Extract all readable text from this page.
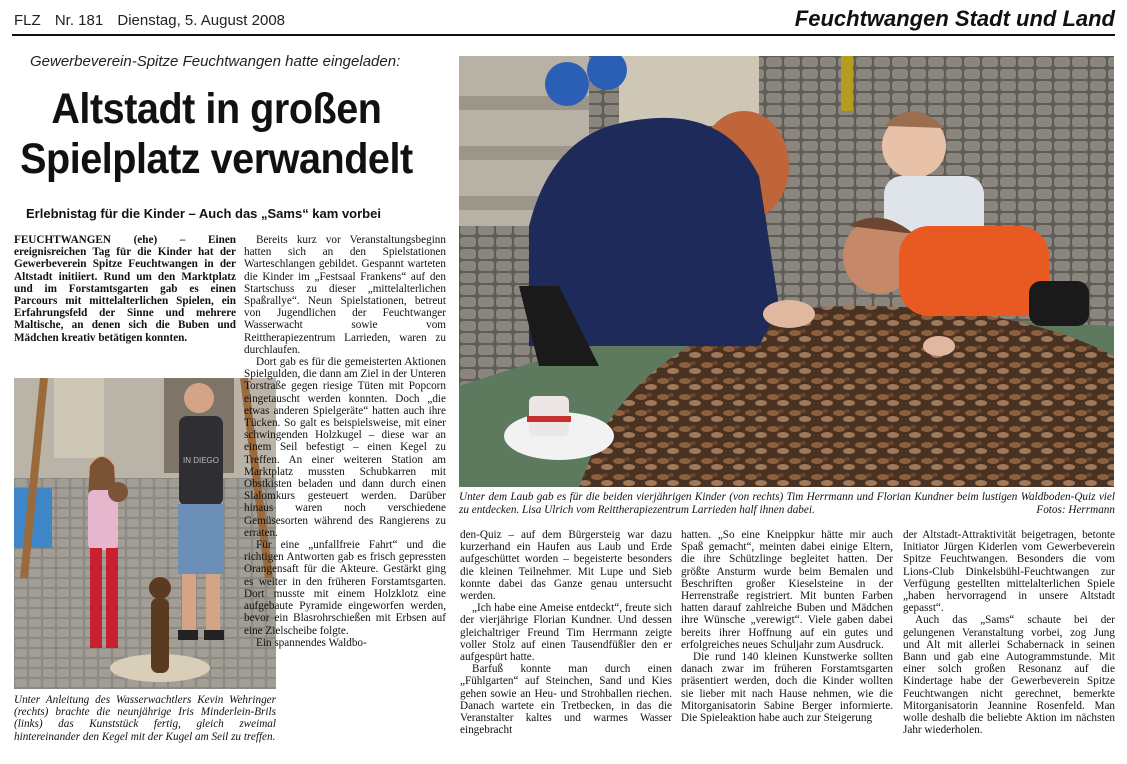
FLZ Nr. 181 Dienstag, 5. August 2008	Feuchtwangen Stadt und Land
Gewerbeverein-Spitze Feuchtwangen hatte eingeladen:
Altstadt in großen
Spielplatz verwandelt
Erlebnistag für die Kinder – Auch das „Sams“ kam vorbei
FEUCHTWANGEN (ehe) – Einen ereignisreichen Tag für die Kinder hat der Gewerbeverein Spitze Feuchtwangen in der Altstadt initiiert. Rund um den Marktplatz und im Forstamtsgarten gab es einen Parcours mit mittelalterlichen Spielen, ein Erfahrungsfeld der Sinne und mehrere Maltische, an denen sich die Buben und Mädchen kreativ betätigen konnten.
IN DIEGO
Unter Anleitung des Wasserwachtlers Kevin Wehringer (rechts) brachte die neunjährige Iris Minderlein-Brils (links) das Kunststück fertig, gleich zweimal hintereinander den Kegel mit der Kugel am Seil zu treffen.

Bereits kurz vor Veranstaltungsbeginn hatten sich an den Spielstationen Warteschlangen gebildet. Gespannt warteten die Kinder im „Festsaal Frankens“ auf den Startschuss zu dieser „mittelalterlichen Spaßrallye“. Neun Spielstationen, betreut von Jugendlichen der Feuchtwanger Wasserwacht sowie vom Reittherapiezentrum Larrieden, waren zu durchlaufen.

Dort gab es für die gemeisterten Aktionen Spielgulden, die dann am Ziel in der Unteren Torstraße gegen riesige Tüten mit Popcorn eingetauscht werden konnten. Doch „die etwas anderen Spielgeräte“ hatten auch ihre Tücken. So galt es beispielsweise, mit einer schwingenden Holzkugel – diese war an einem Seil befestigt – einen Kegel zu Treffen. An einer weiteren Station am Marktplatz mussten Schubkarren mit Obstkisten beladen und dann durch einen Slalomkurs gesteuert werden. Darüber hinaus waren noch verschiedene Gemüsesorten während des Rangierens zu erraten.

Für eine „unfallfreie Fahrt“ und die richtigen Antworten gab es frisch gepressten Orangensaft für die Akteure. Gestärkt ging es weiter in den früheren Forstamtsgarten. Dort musste mit einem Holzklotz eine aufgebaute Pyramide eingeworfen werden, bevor ein Blasrohrschießen mit Erbsen auf eine Zielscheibe folgte.

Ein spannendes Waldbo-

Unter dem Laub gab es für die beiden vierjährigen Kinder (von rechts) Tim Herrmann und Florian Kundner beim lustigen Waldboden-Quiz viel zu entdecken. Lisa Ulrich vom Reittherapiezentrum Larrieden half ihnen dabei.	Fotos: Herrmann

den-Quiz – auf dem Bürgersteig war dazu kurzerhand ein Haufen aus Laub und Erde aufgeschüttet worden – begeisterte besonders die kleinen Teilnehmer. Mit Lupe und Sieb konnte dabei das Ganze genau untersucht werden.

„Ich habe eine Ameise entdeckt“, freute sich der vierjährige Florian Kundner. Und dessen gleichaltriger Freund Tim Herrmann zeigte voller Stolz auf einen Tausendfüßler den er aufgespürt hatte.

Barfuß konnte man durch einen „Fühlgarten“ auf Steinchen, Sand und Kies gehen sowie an Heu- und Strohballen riechen. Danach wartete ein Tretbecken, in das die Veranstalter kaltes und warmes Wasser eingebracht

hatten. „So eine Kneippkur hätte mir auch Spaß gemacht“, meinten dabei einige Eltern, die ihre Schützlinge begleitet hatten. Der größte Ansturm wurde beim Bemalen und Beschriften großer Kieselsteine in der Herrenstraße registriert. Mit bunten Farben hatten darauf zahlreiche Buben und Mädchen ihre Wünsche „verewigt“. Viele gaben dabei bereits ihrer Hoffnung auf ein gutes und erfolgreiches neues Schuljahr zum Ausdruck.

Die rund 140 kleinen Kunstwerke sollten danach zwar im früheren Forstamtsgarten präsentiert werden, doch die Kinder wollten sie lieber mit nach Hause nehmen, wie die Mitorganisatorin Sabine Berger informierte. Die Spieleaktion habe auch zur Steigerung

der Altstadt-Attraktivität beigetragen, betonte Initiator Jürgen Kiderlen vom Gewerbeverein Spitze Feuchtwangen. Besonders die vom Lions-Club Dinkelsbühl-Feuchtwangen zur Verfügung gestellten mittelalterlichen Spiele „haben hervorragend in unsere Altstadt gepasst“.

Auch das „Sams“ schaute bei der gelungenen Veranstaltung vorbei, zog Jung und Alt mit allerlei Schabernack in seinen Bann und gab eine Autogrammstunde. Mit einer solch großen Resonanz auf die Kindertage habe der Gewerbeverein Spitze Feuchtwangen nicht gerechnet, bemerkte Mitorganisatorin Jeannine Rosenfeld. Man wolle deshalb die beliebte Aktion im nächsten Jahr wiederholen.
